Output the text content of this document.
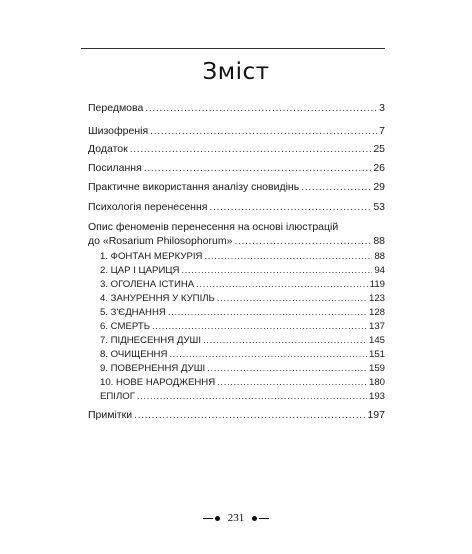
Зміст
Передмова .....	3
Шизофренія .....	7
Додаток .....	25
Посилання .....	26
Практичне використання аналізу сновидінь .....	29
Психологія перенесення .....	53
Опис феноменів перенесення на основі ілюстрацій
до «Rosarium Philosophorum» .....	88
1. ФОНТАН МЕРКУРІЯ .....	88
2. ЦАР І ЦАРИЦЯ .....	94
3. ОГОЛЕНА ІСТИНА .....	119
4. ЗАНУРЕННЯ У КУПІЛЬ .....	123
5. З'ЄДНАННЯ .....	128
6. СМЕРТЬ .....	137
7. ПІДНЕСЕННЯ ДУШІ .....	145
8. ОЧИЩЕННЯ .....	151
9. ПОВЕРНЕННЯ ДУШІ .....	159
10. НОВЕ НАРОДЖЕННЯ .....	180
ЕПІЛОГ .....	193
Примітки .....	197
231
